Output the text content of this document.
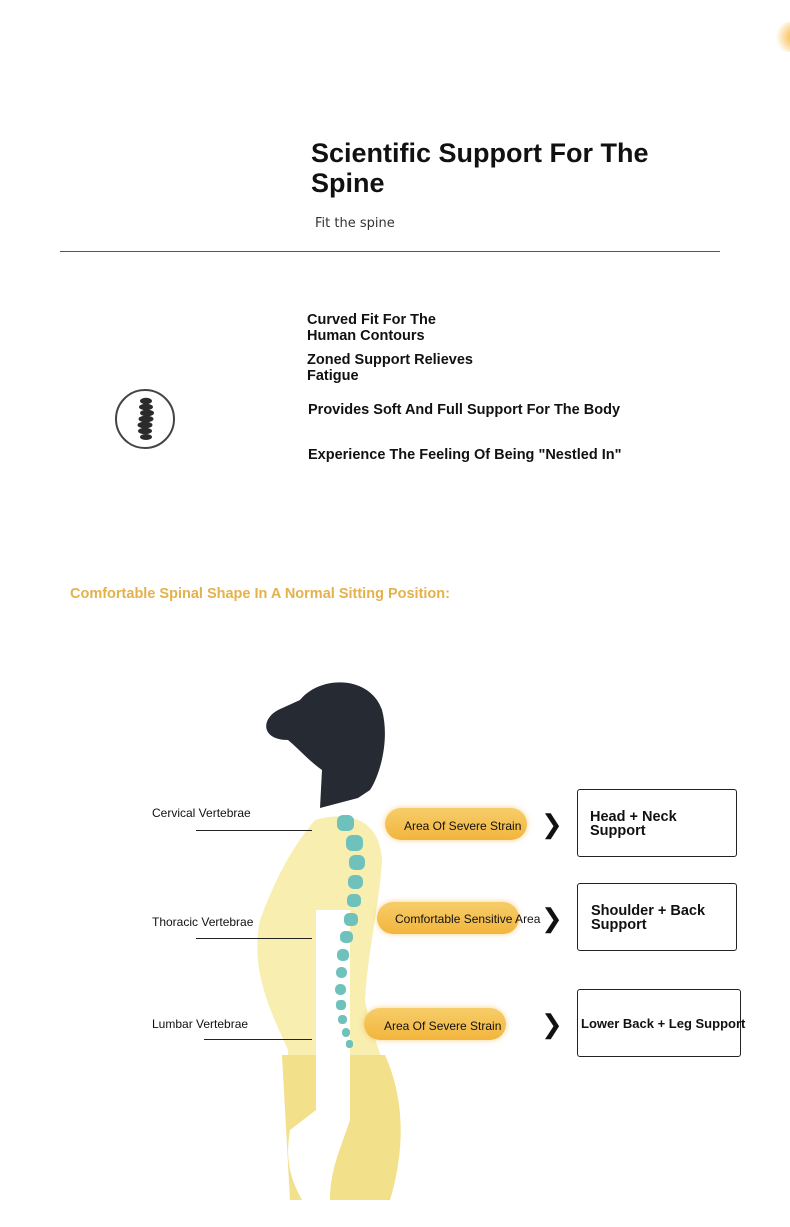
Scientific Support For The Spine
Fit the spine
Curved Fit For The Human Contours
Zoned Support Relieves Fatigue
Provides Soft And Full Support For The Body
Experience The Feeling Of Being "Nestled In"
Comfortable Spinal Shape In A Normal Sitting Position:
Cervical Vertebrae
Area Of Severe Strain ❯ Head + Neck Support
Thoracic Vertebrae	Comfortable Sensitive Area ❯ Shoulder + Back Support
Lumbar Vertebrae	Area Of Severe Strain ❯ Lower Back + Leg Support
